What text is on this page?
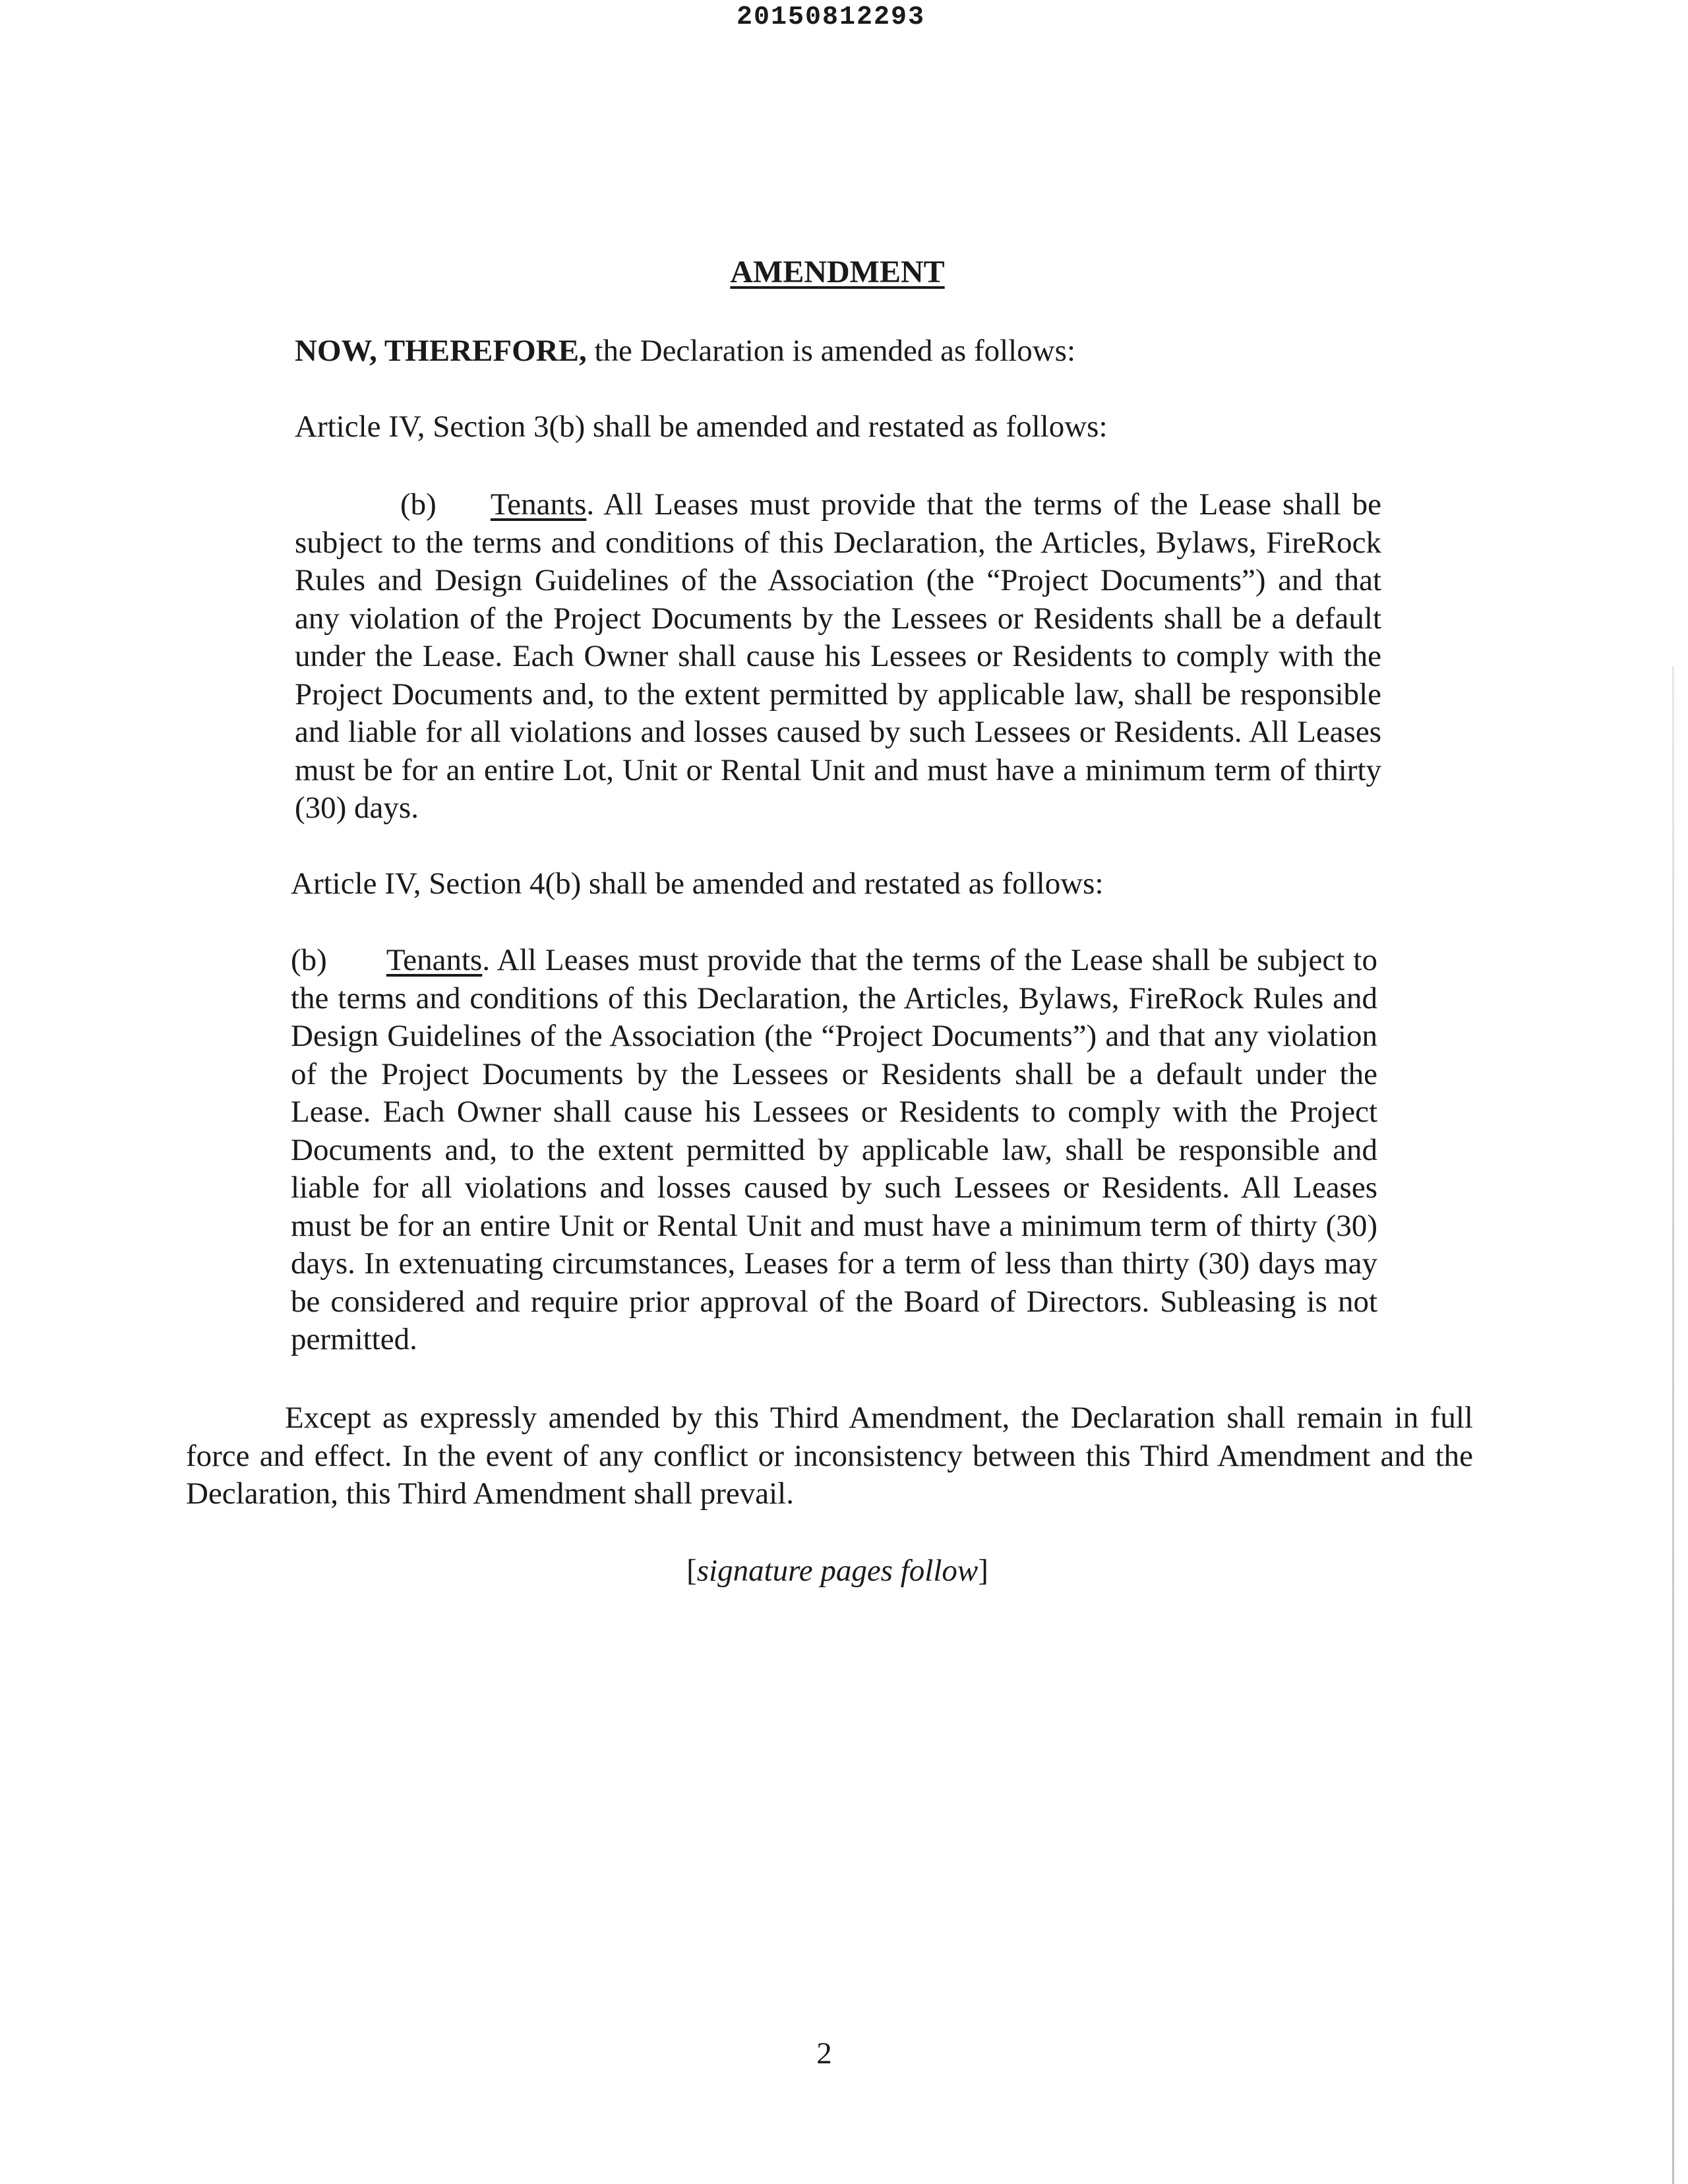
20150812293
AMENDMENT
NOW, THEREFORE, the Declaration is amended as follows:
Article IV, Section 3(b) shall be amended and restated as follows:
(b) Tenants. All Leases must provide that the terms of the Lease shall be subject to the terms and conditions of this Declaration, the Articles, Bylaws, FireRock Rules and Design Guidelines of the Association (the “Project Documents”) and that any violation of the Project Documents by the Lessees or Residents shall be a default under the Lease. Each Owner shall cause his Lessees or Residents to comply with the Project Documents and, to the extent permitted by applicable law, shall be responsible and liable for all violations and losses caused by such Lessees or Residents. All Leases must be for an entire Lot, Unit or Rental Unit and must have a minimum term of thirty (30) days.
Article IV, Section 4(b) shall be amended and restated as follows:
(b) Tenants. All Leases must provide that the terms of the Lease shall be subject to the terms and conditions of this Declaration, the Articles, Bylaws, FireRock Rules and Design Guidelines of the Association (the “Project Documents”) and that any violation of the Project Documents by the Lessees or Residents shall be a default under the Lease. Each Owner shall cause his Lessees or Residents to comply with the Project Documents and, to the extent permitted by applicable law, shall be responsible and liable for all violations and losses caused by such Lessees or Residents. All Leases must be for an entire Unit or Rental Unit and must have a minimum term of thirty (30) days. In extenuating circumstances, Leases for a term of less than thirty (30) days may be considered and require prior approval of the Board of Directors. Subleasing is not permitted.
Except as expressly amended by this Third Amendment, the Declaration shall remain in full force and effect. In the event of any conflict or inconsistency between this Third Amendment and the Declaration, this Third Amendment shall prevail.
[signature pages follow]
2
